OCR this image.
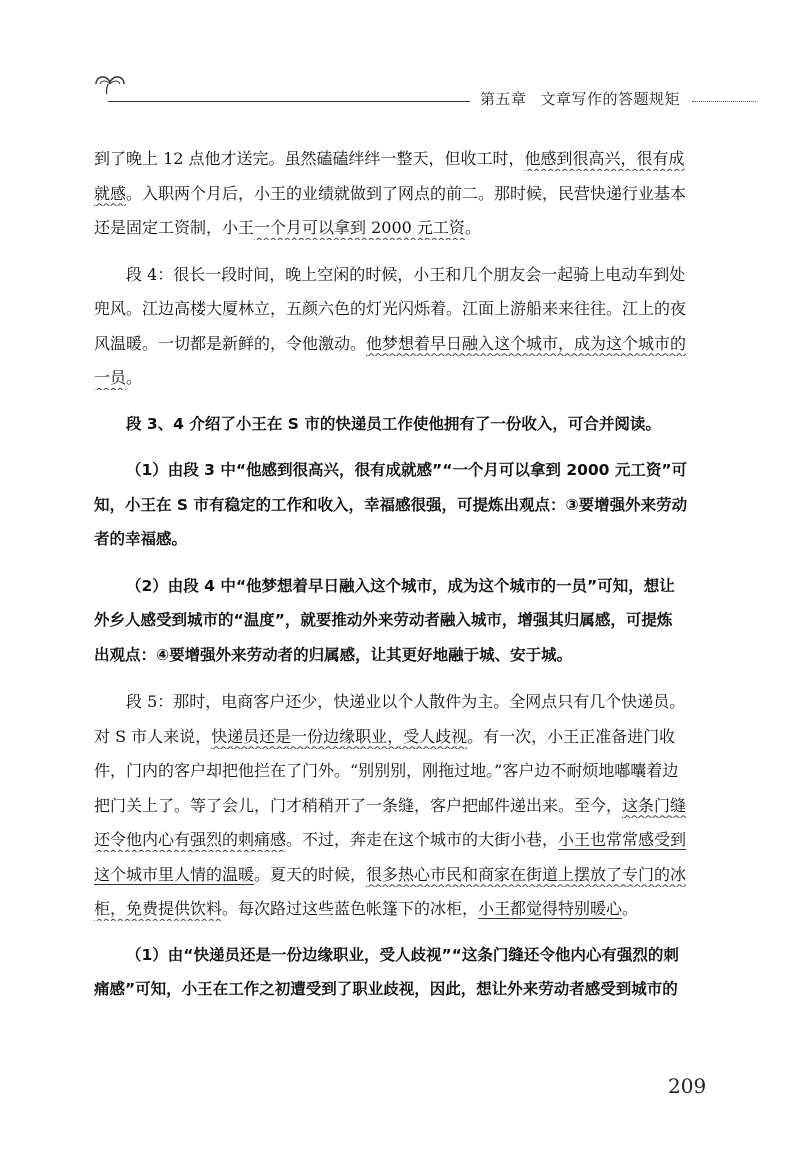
第五章 文章写作的答题规矩
到了晚上 12 点他才送完。虽然磕磕绊绊一整天，但收工时，他感到很高兴，很有成
就感。入职两个月后，小王的业绩就做到了网点的前二。那时候，民营快递行业基本
还是固定工资制，小王一个月可以拿到 2000 元工资。
段 4：很长一段时间，晚上空闲的时候，小王和几个朋友会一起骑上电动车到处
兜风。江边高楼大厦林立，五颜六色的灯光闪烁着。江面上游船来来往往。江上的夜
风温暖。一切都是新鲜的，令他激动。他梦想着早日融入这个城市，成为这个城市的
一员。
段 3、4 介绍了小王在 S 市的快递员工作使他拥有了一份收入，可合并阅读。
（1）由段 3 中“他感到很高兴，很有成就感”“一个月可以拿到 2000 元工资”可
知，小王在 S 市有稳定的工作和收入，幸福感很强，可提炼出观点：③要增强外来劳动
者的幸福感。
（2）由段 4 中“他梦想着早日融入这个城市，成为这个城市的一员”可知，想让
外乡人感受到城市的“温度”，就要推动外来劳动者融入城市，增强其归属感，可提炼
出观点：④要增强外来劳动者的归属感，让其更好地融于城、安于城。
段 5：那时，电商客户还少，快递业以个人散件为主。全网点只有几个快递员。
对 S 市人来说，快递员还是一份边缘职业，受人歧视。有一次，小王正准备进门收
件，门内的客户却把他拦在了门外。“别别别，刚拖过地。”客户边不耐烦地嘟囔着边
把门关上了。等了会儿，门才稍稍开了一条缝，客户把邮件递出来。至今，这条门缝
还令他内心有强烈的刺痛感。不过，奔走在这个城市的大街小巷，小王也常常感受到
这个城市里人情的温暖。夏天的时候，很多热心市民和商家在街道上摆放了专门的冰
柜，免费提供饮料。每次路过这些蓝色帐篷下的冰柜，小王都觉得特别暖心。
（1）由“快递员还是一份边缘职业，受人歧视”“这条门缝还令他内心有强烈的刺
痛感”可知，小王在工作之初遭受到了职业歧视，因此，想让外来劳动者感受到城市的
209
